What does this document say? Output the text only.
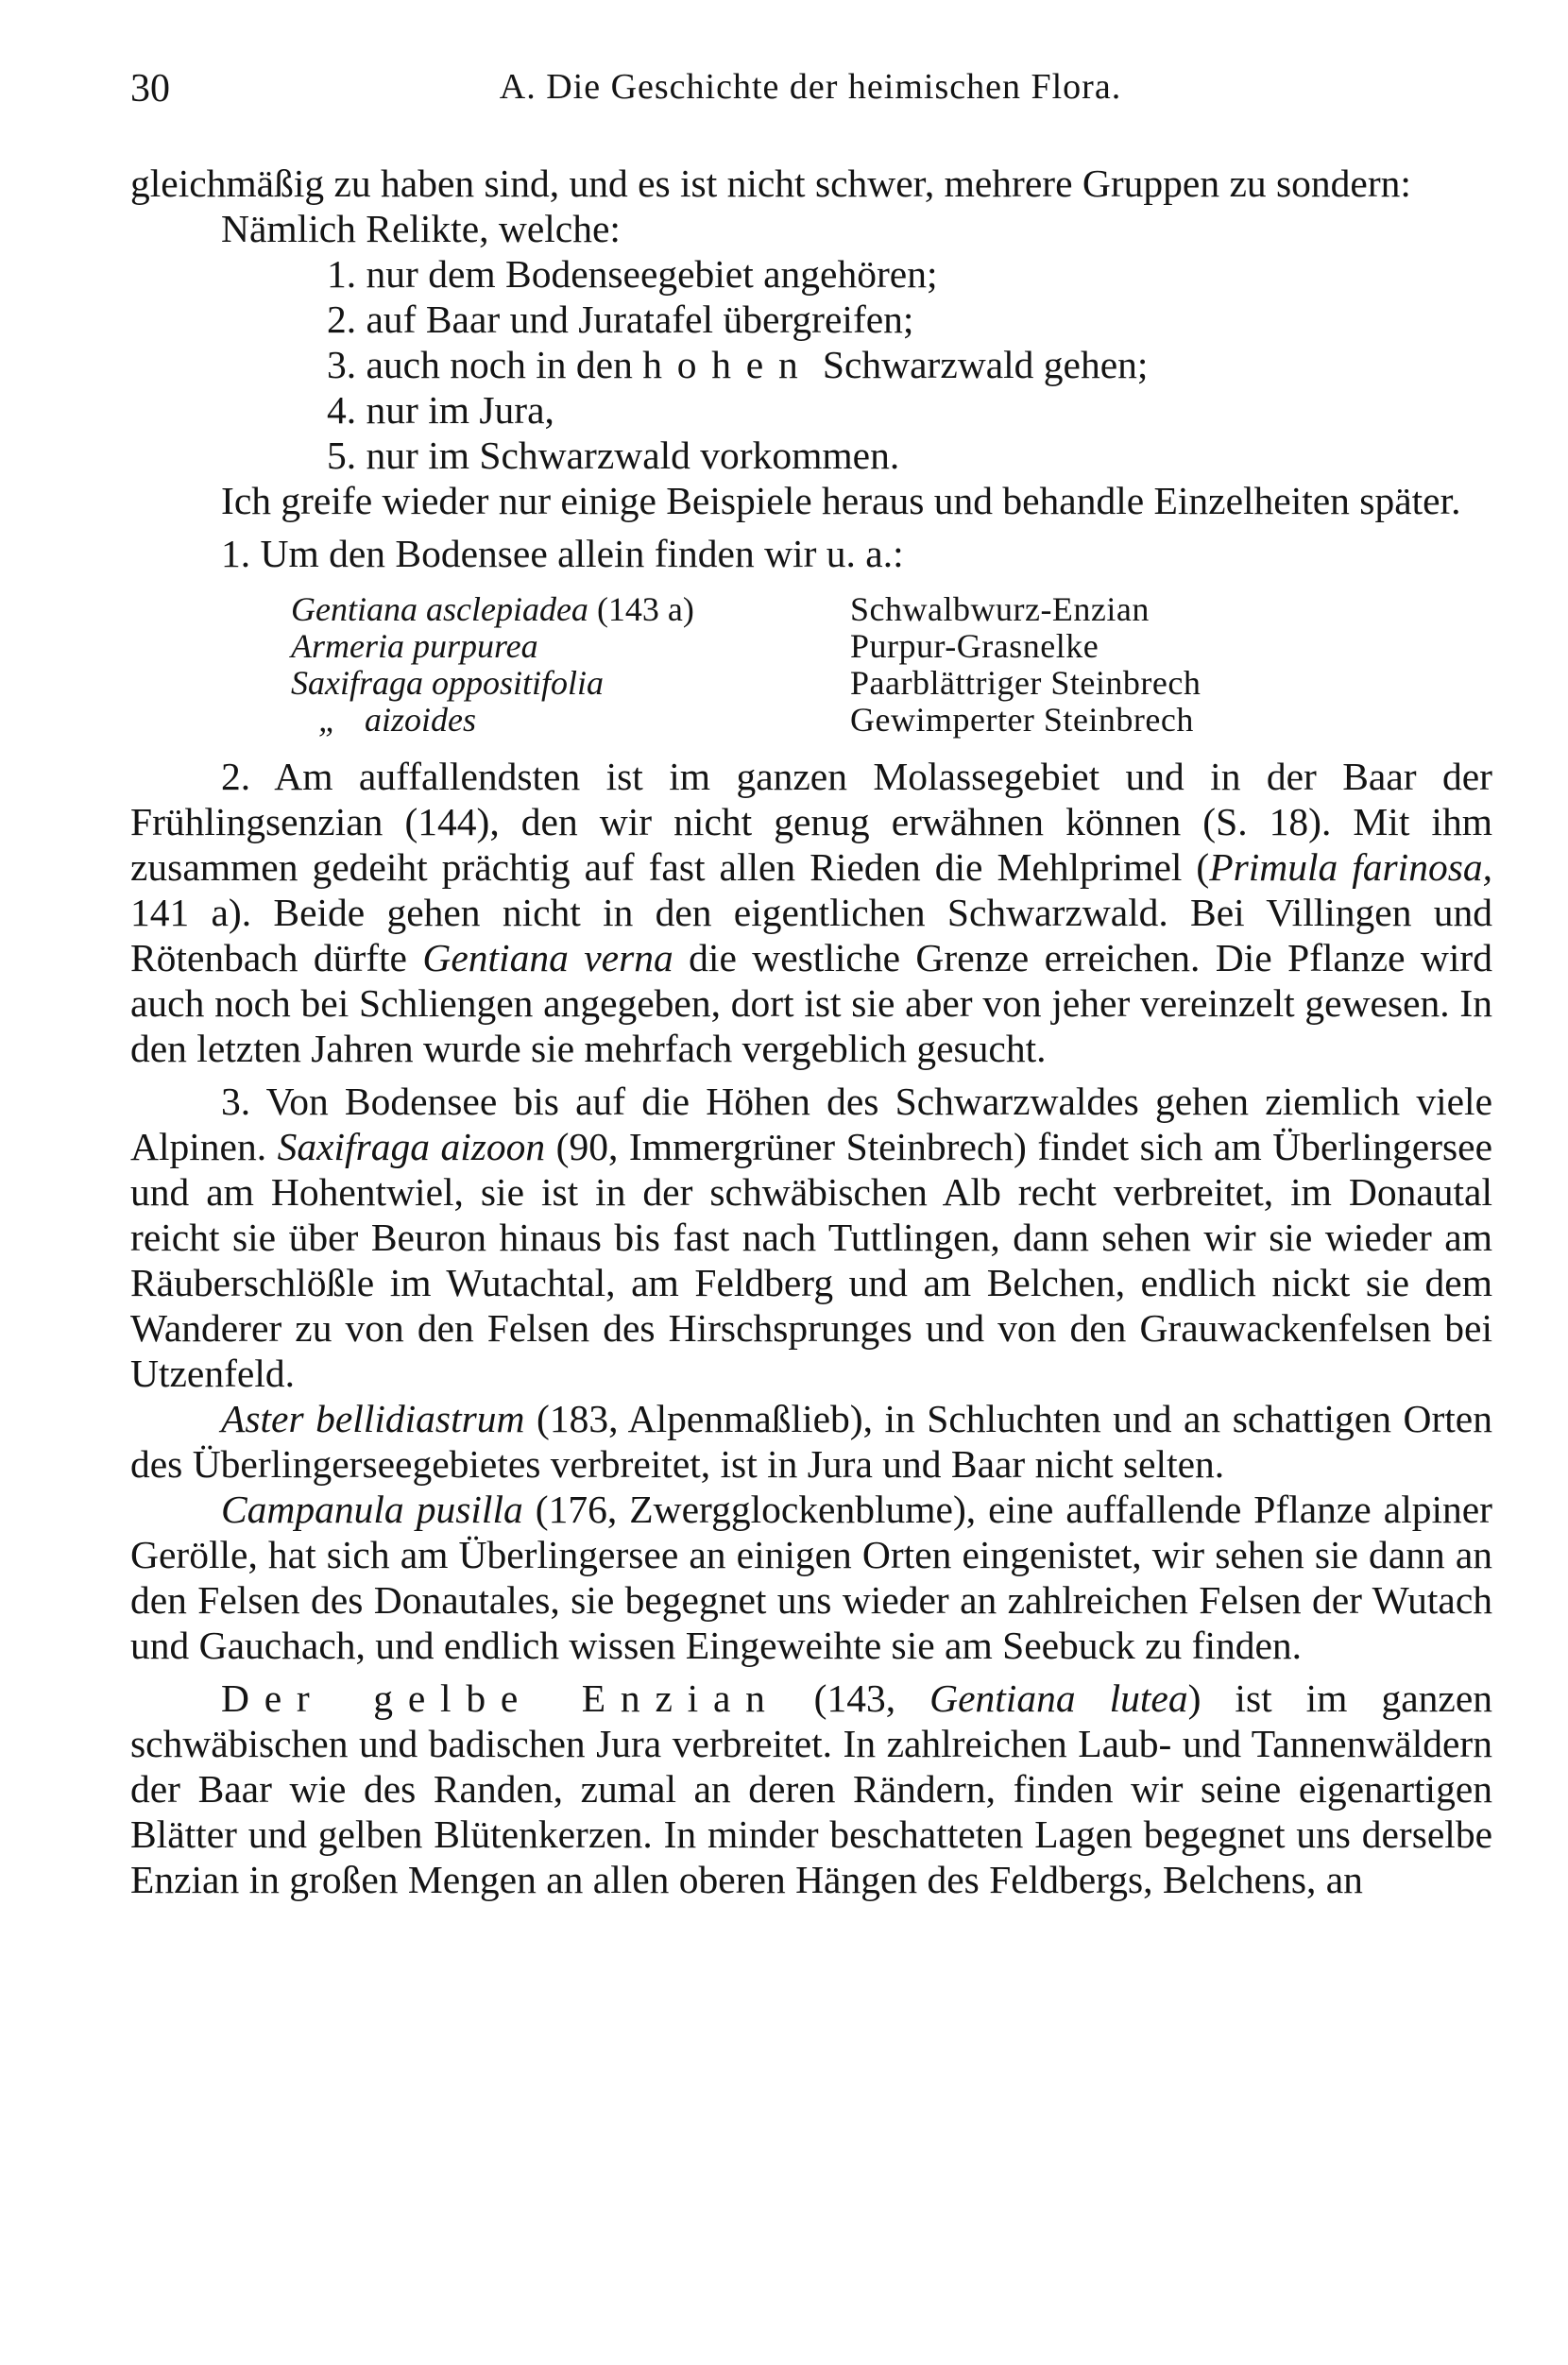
30	A. Die Geschichte der heimischen Flora.

gleichmäßig zu haben sind, und es ist nicht schwer, mehrere Gruppen zu sondern:

Nämlich Relikte, welche:

1. nur dem Bodenseegebiet angehören;
2. auf Baar und Juratafel übergreifen;
3. auch noch in den hohen Schwarzwald gehen;
4. nur im Jura,
5. nur im Schwarzwald vorkommen.

Ich greife wieder nur einige Beispiele heraus und behandle Einzelheiten später.

1. Um den Bodensee allein finden wir u. a.:

Gentiana asclepiadea (143 a)	Schwalbwurz-Enzian
Armeria purpurea	Purpur-Grasnelke
Saxifraga oppositifolia	Paarblättriger Steinbrech
„ aizoides	Gewimperter Steinbrech

2. Am auffallendsten ist im ganzen Molassegebiet und in der Baar der Frühlingsenzian (144), den wir nicht genug erwähnen können (S. 18). Mit ihm zusammen gedeiht prächtig auf fast allen Rieden die Mehlprimel (Primula farinosa, 141 a). Beide gehen nicht in den eigentlichen Schwarzwald. Bei Villingen und Rötenbach dürfte Gentiana verna die westliche Grenze erreichen. Die Pflanze wird auch noch bei Schliengen angegeben, dort ist sie aber von jeher vereinzelt gewesen. In den letzten Jahren wurde sie mehrfach vergeblich gesucht.

3. Von Bodensee bis auf die Höhen des Schwarzwaldes gehen ziemlich viele Alpinen. Saxifraga aizoon (90, Immergrüner Steinbrech) findet sich am Überlingersee und am Hohentwiel, sie ist in der schwäbischen Alb recht verbreitet, im Donautal reicht sie über Beuron hinaus bis fast nach Tuttlingen, dann sehen wir sie wieder am Räuberschlößle im Wutachtal, am Feldberg und am Belchen, endlich nickt sie dem Wanderer zu von den Felsen des Hirschsprunges und von den Grauwackenfelsen bei Utzenfeld.

Aster bellidiastrum (183, Alpenmaßlieb), in Schluchten und an schattigen Orten des Überlingerseegebietes verbreitet, ist in Jura und Baar nicht selten.

Campanula pusilla (176, Zwergglockenblume), eine auffallende Pflanze alpiner Gerölle, hat sich am Überlingersee an einigen Orten eingenistet, wir sehen sie dann an den Felsen des Donautales, sie begegnet uns wieder an zahlreichen Felsen der Wutach und Gauchach, und endlich wissen Eingeweihte sie am Seebuck zu finden.

Der gelbe Enzian (143, Gentiana lutea) ist im ganzen schwäbischen und badischen Jura verbreitet. In zahlreichen Laub- und Tannenwäldern der Baar wie des Randen, zumal an deren Rändern, finden wir seine eigenartigen Blätter und gelben Blütenkerzen. In minder beschatteten Lagen begegnet uns derselbe Enzian in großen Mengen an allen oberen Hängen des Feldbergs, Belchens, an
